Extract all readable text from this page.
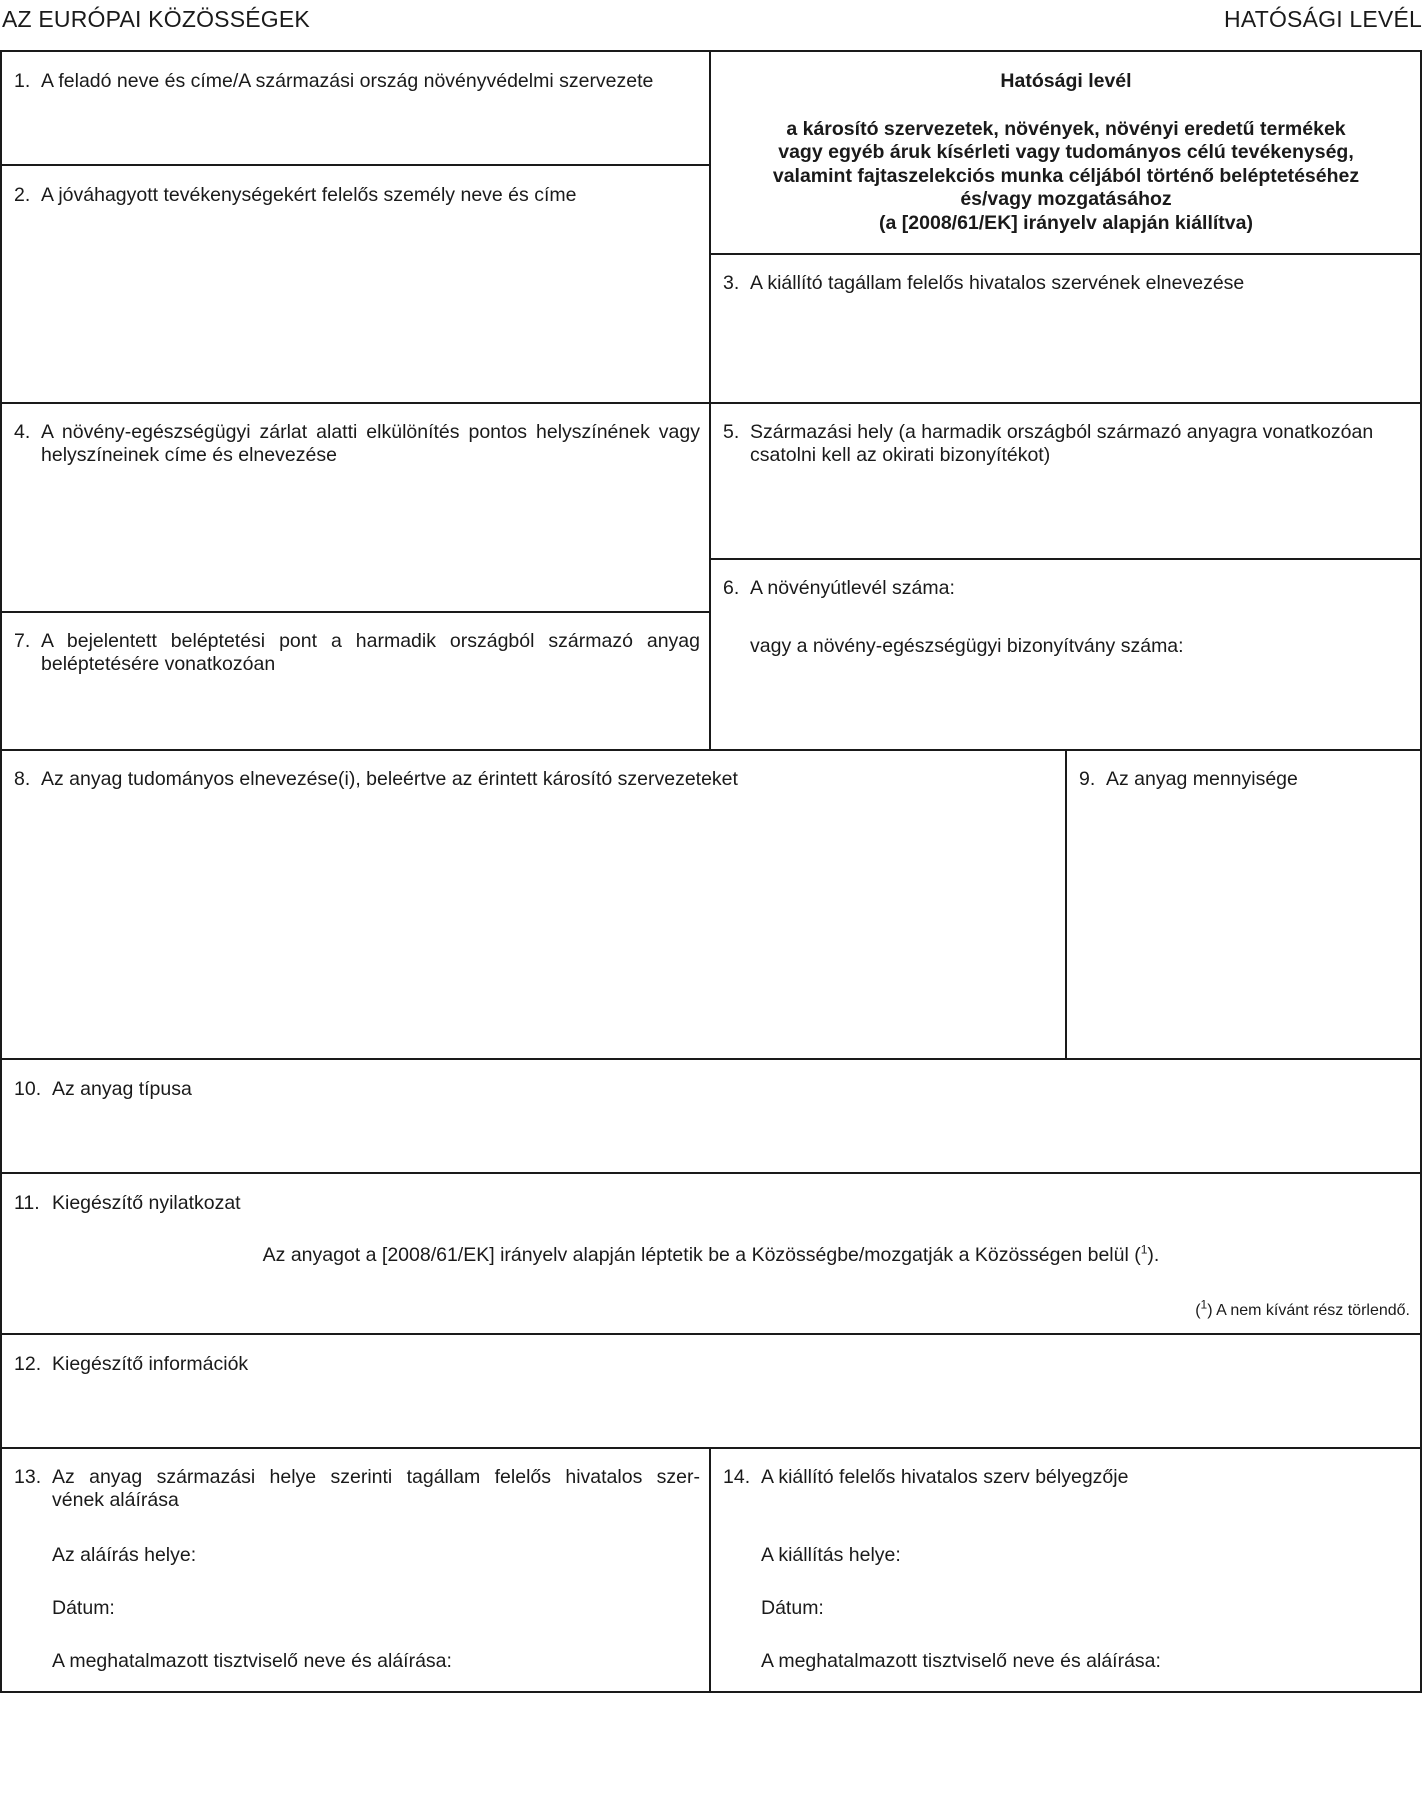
AZ EURÓPAI KÖZÖSSÉGEK	HATÓSÁGI LEVÉL
1. A feladó neve és címe/A származási ország növényvédelmi szervezete
2. A jóváhagyott tevékenységekért felelős személy neve és címe
Hatósági levél
a károsító szervezetek, növények, növényi eredetű termékek
vagy egyéb áruk kísérleti vagy tudományos célú tevékenység,
valamint fajtaszelekciós munka céljából történő beléptetéséhez
és/vagy mozgatásához
(a [2008/61/EK] irányelv alapján kiállítva)
3. A kiállító tagállam felelős hivatalos szervének elnevezése
4. A növény-egészségügyi zárlat alatti elkülönítés pontos helyszínének vagy helyszíneinek címe és elnevezése
5. Származási hely (a harmadik országból származó anyagra vonatkozóan csatolni kell az okirati bizonyítékot)
6. A növényútlevél száma:
vagy a növény-egészségügyi bizonyítvány száma:
7. A bejelentett beléptetési pont a harmadik országból származó anyag beléptetésére vonatkozóan
8. Az anyag tudományos elnevezése(i), beleértve az érintett károsító szervezeteket	9. Az anyag mennyisége
10. Az anyag típusa
11. Kiegészítő nyilatkozat
Az anyagot a [2008/61/EK] irányelv alapján léptetik be a Közösségbe/mozgatják a Közösségen belül ($^1$).
($^1$) A nem kívánt rész törlendő.
12. Kiegészítő információk
13. Az anyag származási helye szerinti tagállam felelős hivatalos szer-
vének aláírása
Az aláírás helye:
Dátum:
A meghatalmazott tisztviselő neve és aláírása:
14. A kiállító felelős hivatalos szerv bélyegzője
A kiállítás helye:
Dátum:
A meghatalmazott tisztviselő neve és aláírása:
